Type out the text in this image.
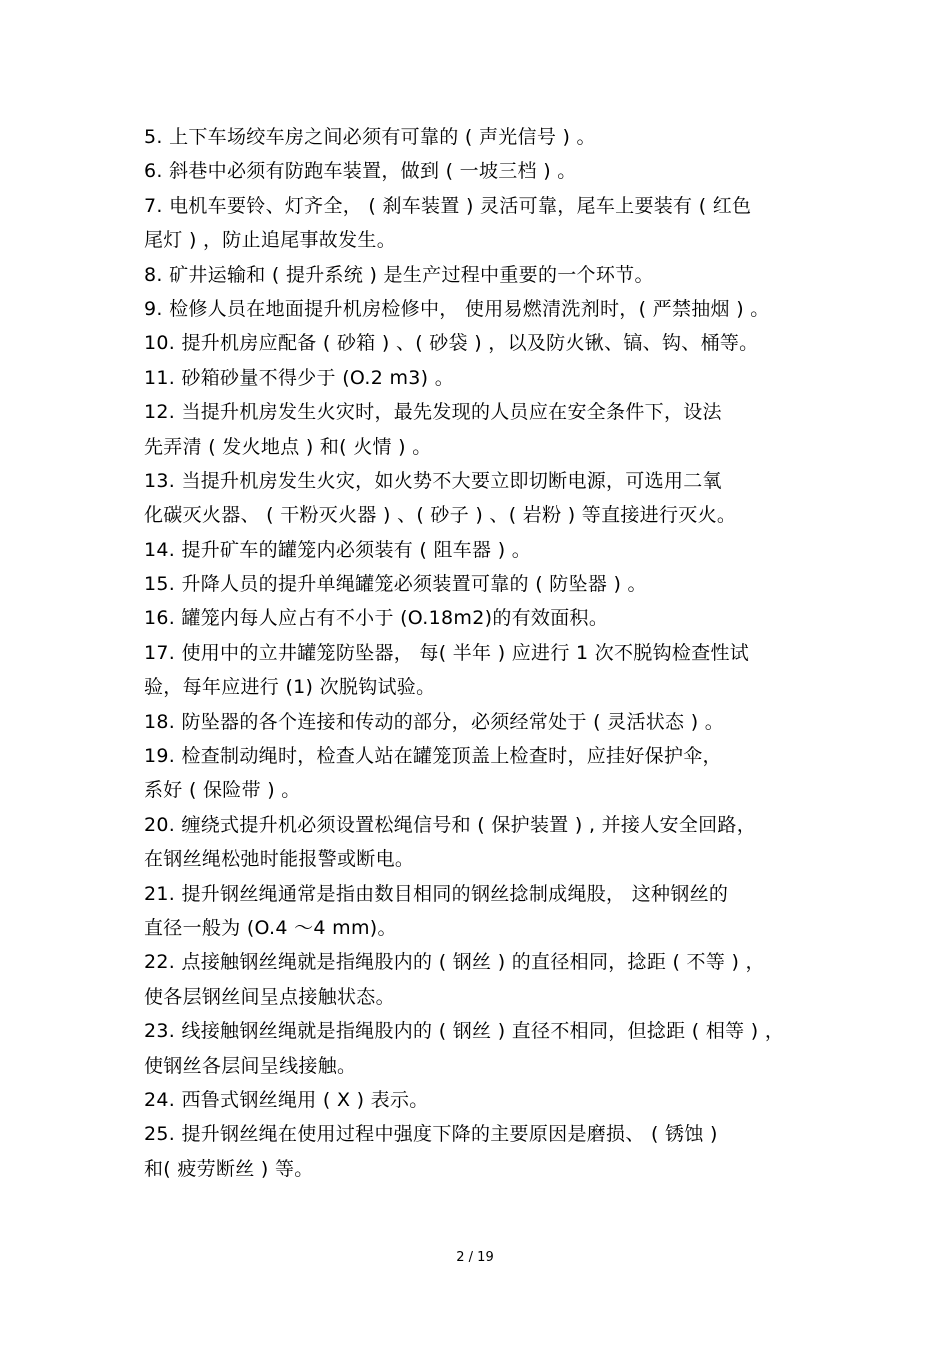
5. 上下车场绞车房之间必须有可靠的 ( 声光信号 ) 。
6. 斜巷中必须有防跑车装置，做到 ( 一坡三档 ) 。
7. 电机车要铃、灯齐全， ( 刹车装置 ) 灵活可靠，尾车上要装有 ( 红色
尾灯 ) ，防止追尾事故发生。
8. 矿井运输和 ( 提升系统 ) 是生产过程中重要的一个环节。
9. 检修人员在地面提升机房检修中， 使用易燃清洗剂时，( 严禁抽烟 ) 。
10. 提升机房应配备 ( 砂箱 ) 、( 砂袋 ) ，以及防火锹、镐、钩、桶等。
11. 砂箱砂量不得少于 (O.2 m3) 。
12. 当提升机房发生火灾时，最先发现的人员应在安全条件下，设法
先弄清 ( 发火地点 ) 和( 火情 ) 。
13. 当提升机房发生火灾，如火势不大要立即切断电源，可选用二氧
化碳灭火器、 ( 干粉灭火器 ) 、( 砂子 ) 、( 岩粉 ) 等直接进行灭火。
14. 提升矿车的罐笼内必须装有 ( 阻车器 ) 。
15. 升降人员的提升单绳罐笼必须装置可靠的 ( 防坠器 ) 。
16. 罐笼内每人应占有不小于 (O.18m2)的有效面积。
17. 使用中的立井罐笼防坠器， 每( 半年 ) 应进行 1 次不脱钩检查性试
验，每年应进行 (1) 次脱钩试验。
18. 防坠器的各个连接和传动的部分，必须经常处于 ( 灵活状态 ) 。
19. 检查制动绳时，检查人站在罐笼顶盖上检查时，应挂好保护伞，
系好 ( 保险带 ) 。
20. 缠绕式提升机必须设置松绳信号和 ( 保护装置 ) , 并接人安全回路，
在钢丝绳松弛时能报警或断电。
21. 提升钢丝绳通常是指由数目相同的钢丝捻制成绳股， 这种钢丝的
直径一般为 (O.4 ～4 mm)。
22. 点接触钢丝绳就是指绳股内的 ( 钢丝 ) 的直径相同，捻距 ( 不等 ) ，
使各层钢丝间呈点接触状态。
23. 线接触钢丝绳就是指绳股内的 ( 钢丝 ) 直径不相同，但捻距 ( 相等 ) ，
使钢丝各层间呈线接触。
24. 西鲁式钢丝绳用 ( X ) 表示。
25. 提升钢丝绳在使用过程中强度下降的主要原因是磨损、 ( 锈蚀 )
和( 疲劳断丝 ) 等。
2 / 19
